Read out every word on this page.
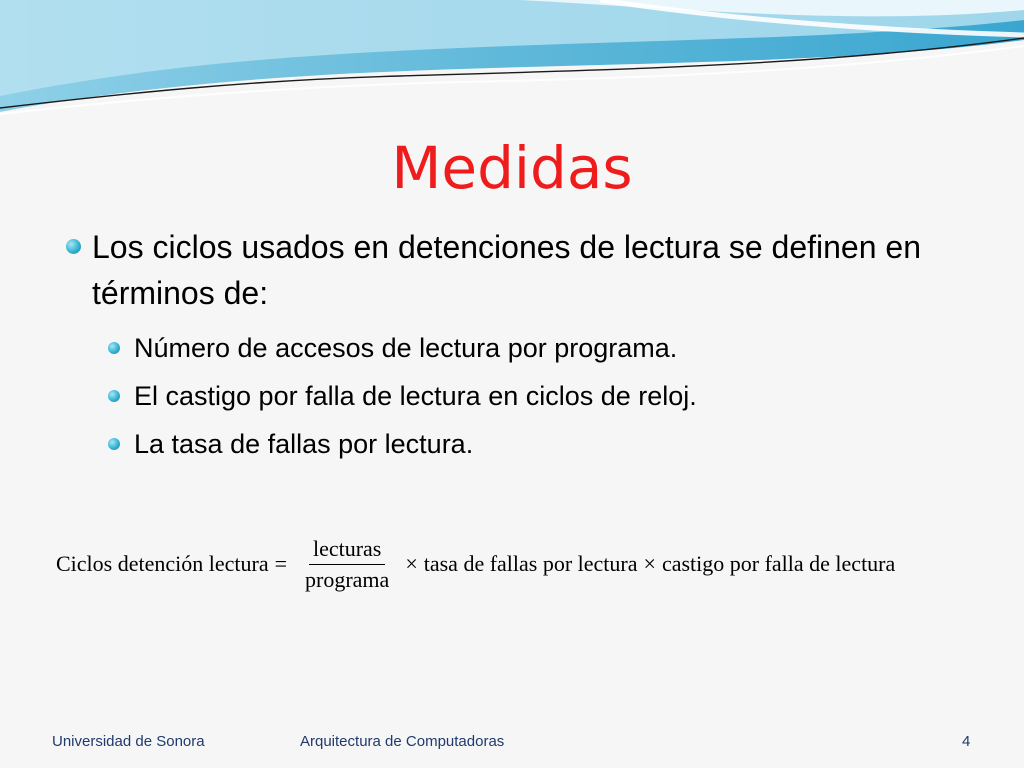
Medidas
Los ciclos usados en detenciones de lectura se definen en términos de:
Número de accesos de lectura por programa.
El castigo por falla de lectura en ciclos de reloj.
La tasa de fallas por lectura.
Ciclos detención lectura = $\frac{\text{lecturas}}{\text{programa}}$ × tasa de fallas por lectura × castigo por falla de lectura
Universidad de Sonora	Arquitectura de Computadoras	4
